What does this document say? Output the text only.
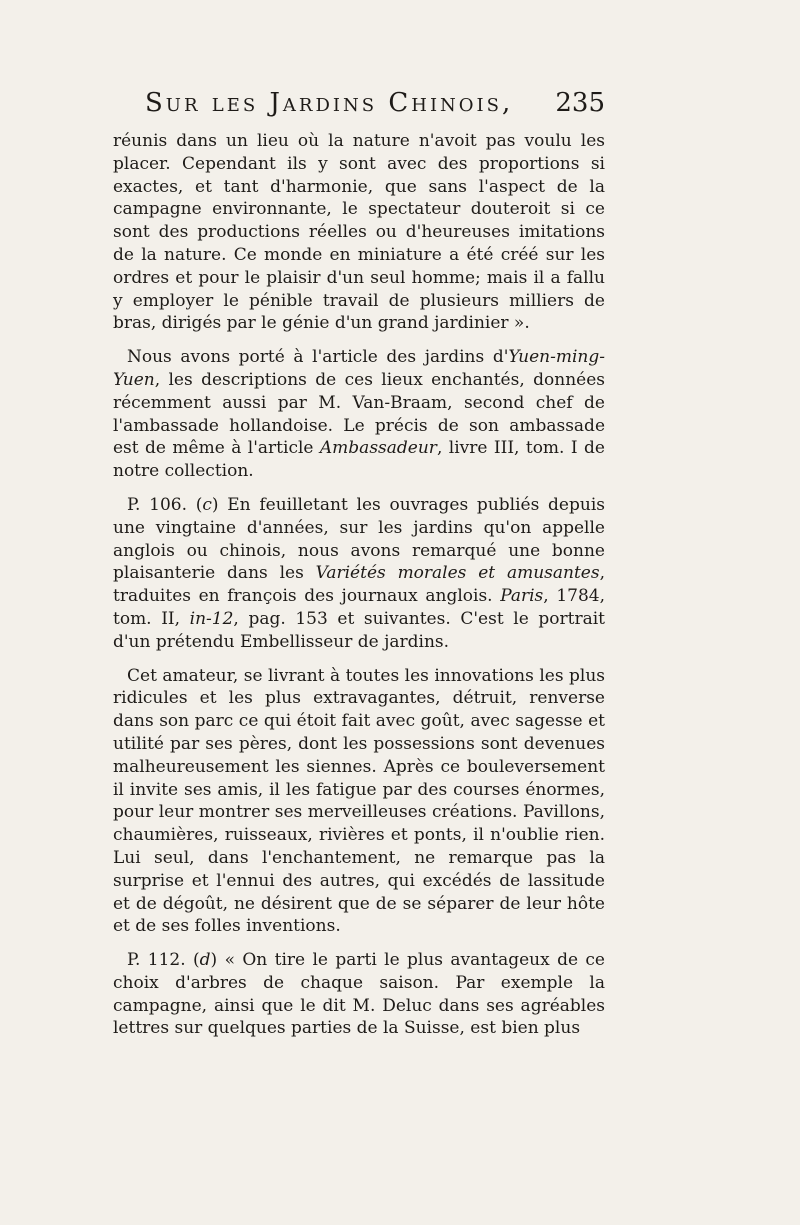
Sur les Jardins Chinois, 235

réunis dans un lieu où la nature n'avoit pas voulu les placer. Cependant ils y sont avec des proportions si exactes, et tant d'harmonie, que sans l'aspect de la campagne environnante, le spectateur douteroit si ce sont des productions réelles ou d'heureuses imitations de la nature. Ce monde en miniature a été créé sur les ordres et pour le plaisir d'un seul homme; mais il a fallu y employer le pénible travail de plusieurs milliers de bras, dirigés par le génie d'un grand jardinier ».

Nous avons porté à l'article des jardins d'Yuen-ming-Yuen, les descriptions de ces lieux enchantés, données récemment aussi par M. Van-Braam, second chef de l'ambassade hollandoise. Le précis de son ambassade est de même à l'article Ambassadeur, livre III, tom. I de notre collection.

P. 106. (c) En feuilletant les ouvrages publiés depuis une vingtaine d'années, sur les jardins qu'on appelle anglois ou chinois, nous avons remarqué une bonne plaisanterie dans les Variétés morales et amusantes, traduites en françois des journaux anglois. Paris, 1784, tom. II, in-12, pag. 153 et suivantes. C'est le portrait d'un prétendu Embellisseur de jardins.

Cet amateur, se livrant à toutes les innovations les plus ridicules et les plus extravagantes, détruit, renverse dans son parc ce qui étoit fait avec goût, avec sagesse et utilité par ses pères, dont les possessions sont devenues malheureusement les siennes. Après ce bouleversement il invite ses amis, il les fatigue par des courses énormes, pour leur montrer ses merveilleuses créations. Pavillons, chaumières, ruisseaux, rivières et ponts, il n'oublie rien. Lui seul, dans l'enchantement, ne remarque pas la surprise et l'ennui des autres, qui excédés de lassitude et de dégoût, ne désirent que de se séparer de leur hôte et de ses folles inventions.

P. 112. (d) « On tire le parti le plus avantageux de ce choix d'arbres de chaque saison. Par exemple la campagne, ainsi que le dit M. Deluc dans ses agréables lettres sur quelques parties de la Suisse, est bien plus
